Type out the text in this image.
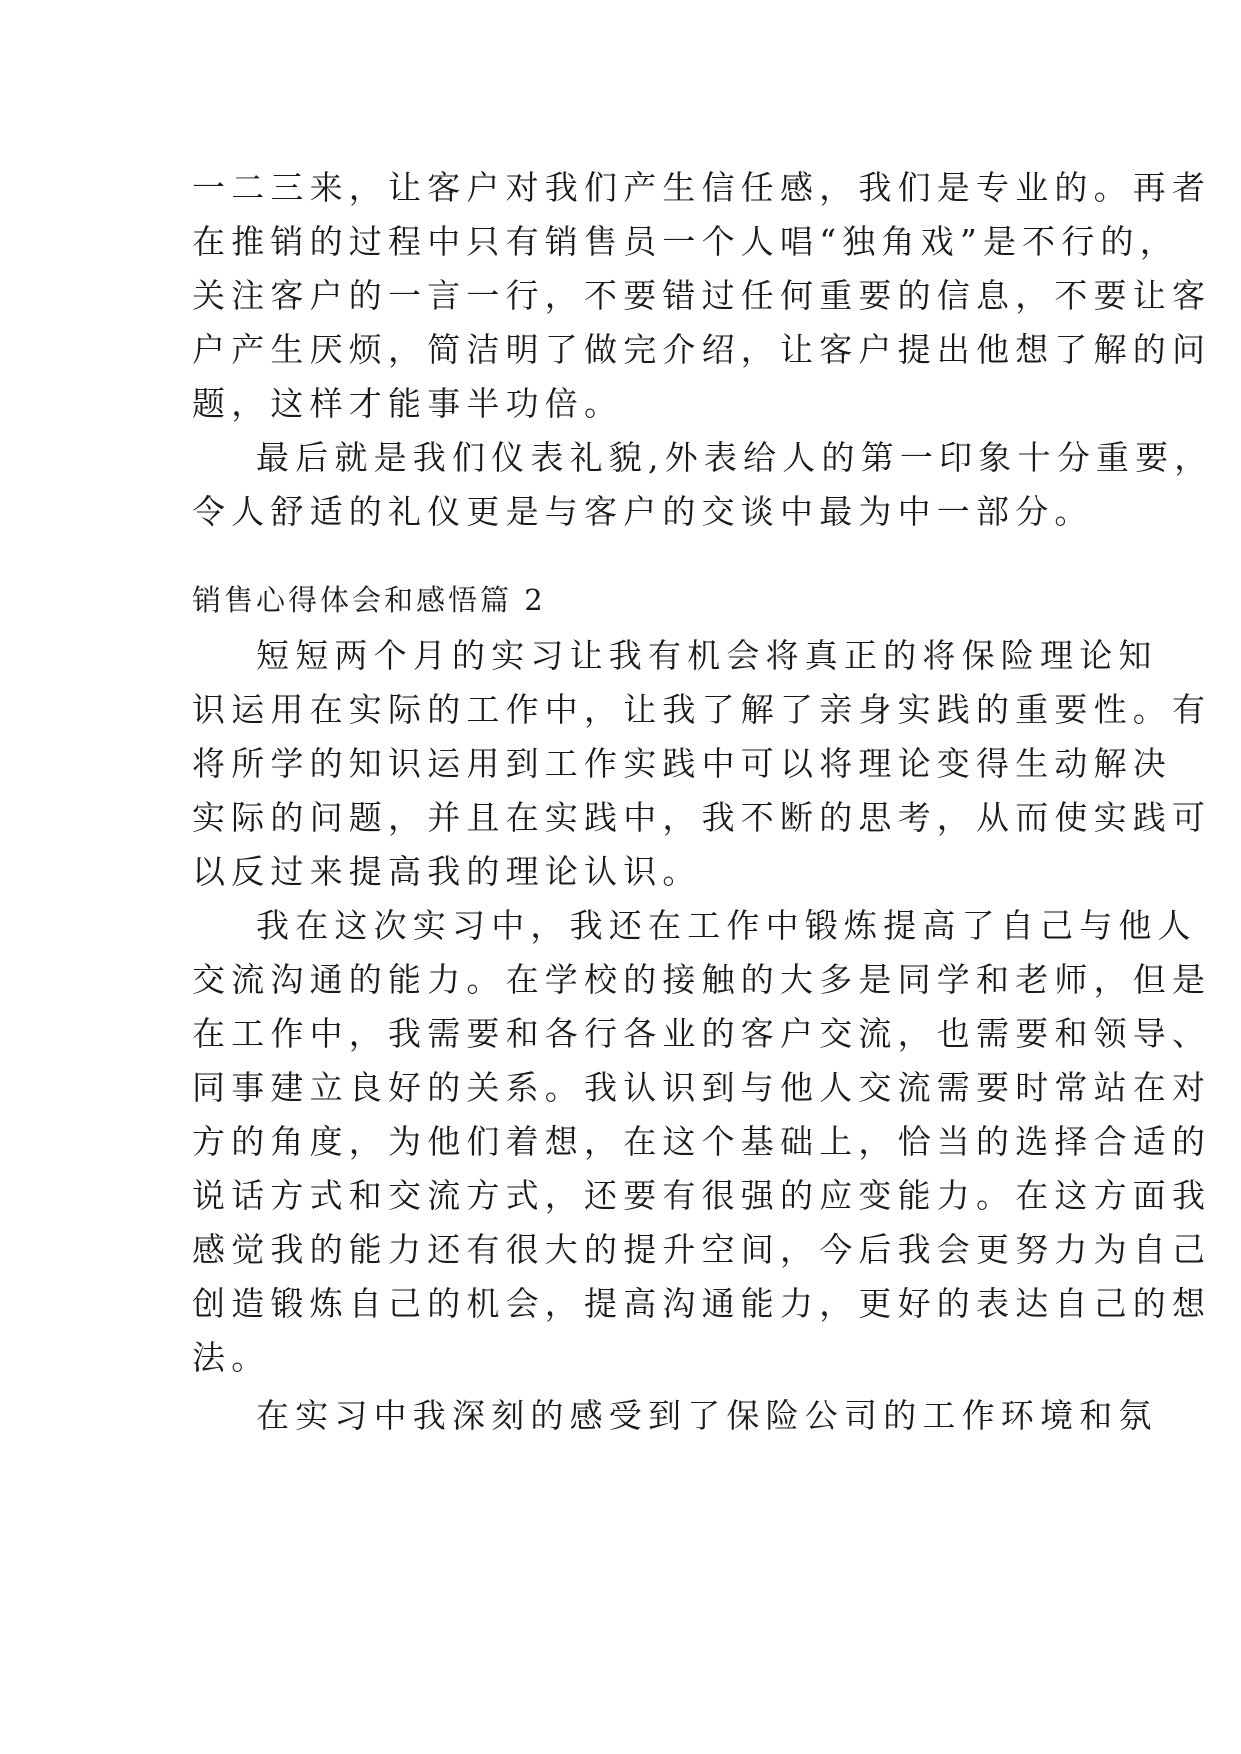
一二三来，让客户对我们产生信任感，我们是专业的。再者
在推销的过程中只有销售员一个人唱“独角戏”是不行的，
关注客户的一言一行，不要错过任何重要的信息，不要让客
户产生厌烦，简洁明了做完介绍，让客户提出他想了解的问
题，这样才能事半功倍。
最后就是我们仪表礼貌,外表给人的第一印象十分重要，
令人舒适的礼仪更是与客户的交谈中最为中一部分。
销售心得体会和感悟篇 2
短短两个月的实习让我有机会将真正的将保险理论知
识运用在实际的工作中，让我了解了亲身实践的重要性。有
将所学的知识运用到工作实践中可以将理论变得生动解决
实际的问题，并且在实践中，我不断的思考，从而使实践可
以反过来提高我的理论认识。
我在这次实习中，我还在工作中锻炼提高了自己与他人
交流沟通的能力。在学校的接触的大多是同学和老师，但是
在工作中，我需要和各行各业的客户交流，也需要和领导、
同事建立良好的关系。我认识到与他人交流需要时常站在对
方的角度，为他们着想，在这个基础上，恰当的选择合适的
说话方式和交流方式，还要有很强的应变能力。在这方面我
感觉我的能力还有很大的提升空间，今后我会更努力为自己
创造锻炼自己的机会，提高沟通能力，更好的表达自己的想
法。
在实习中我深刻的感受到了保险公司的工作环境和氛
